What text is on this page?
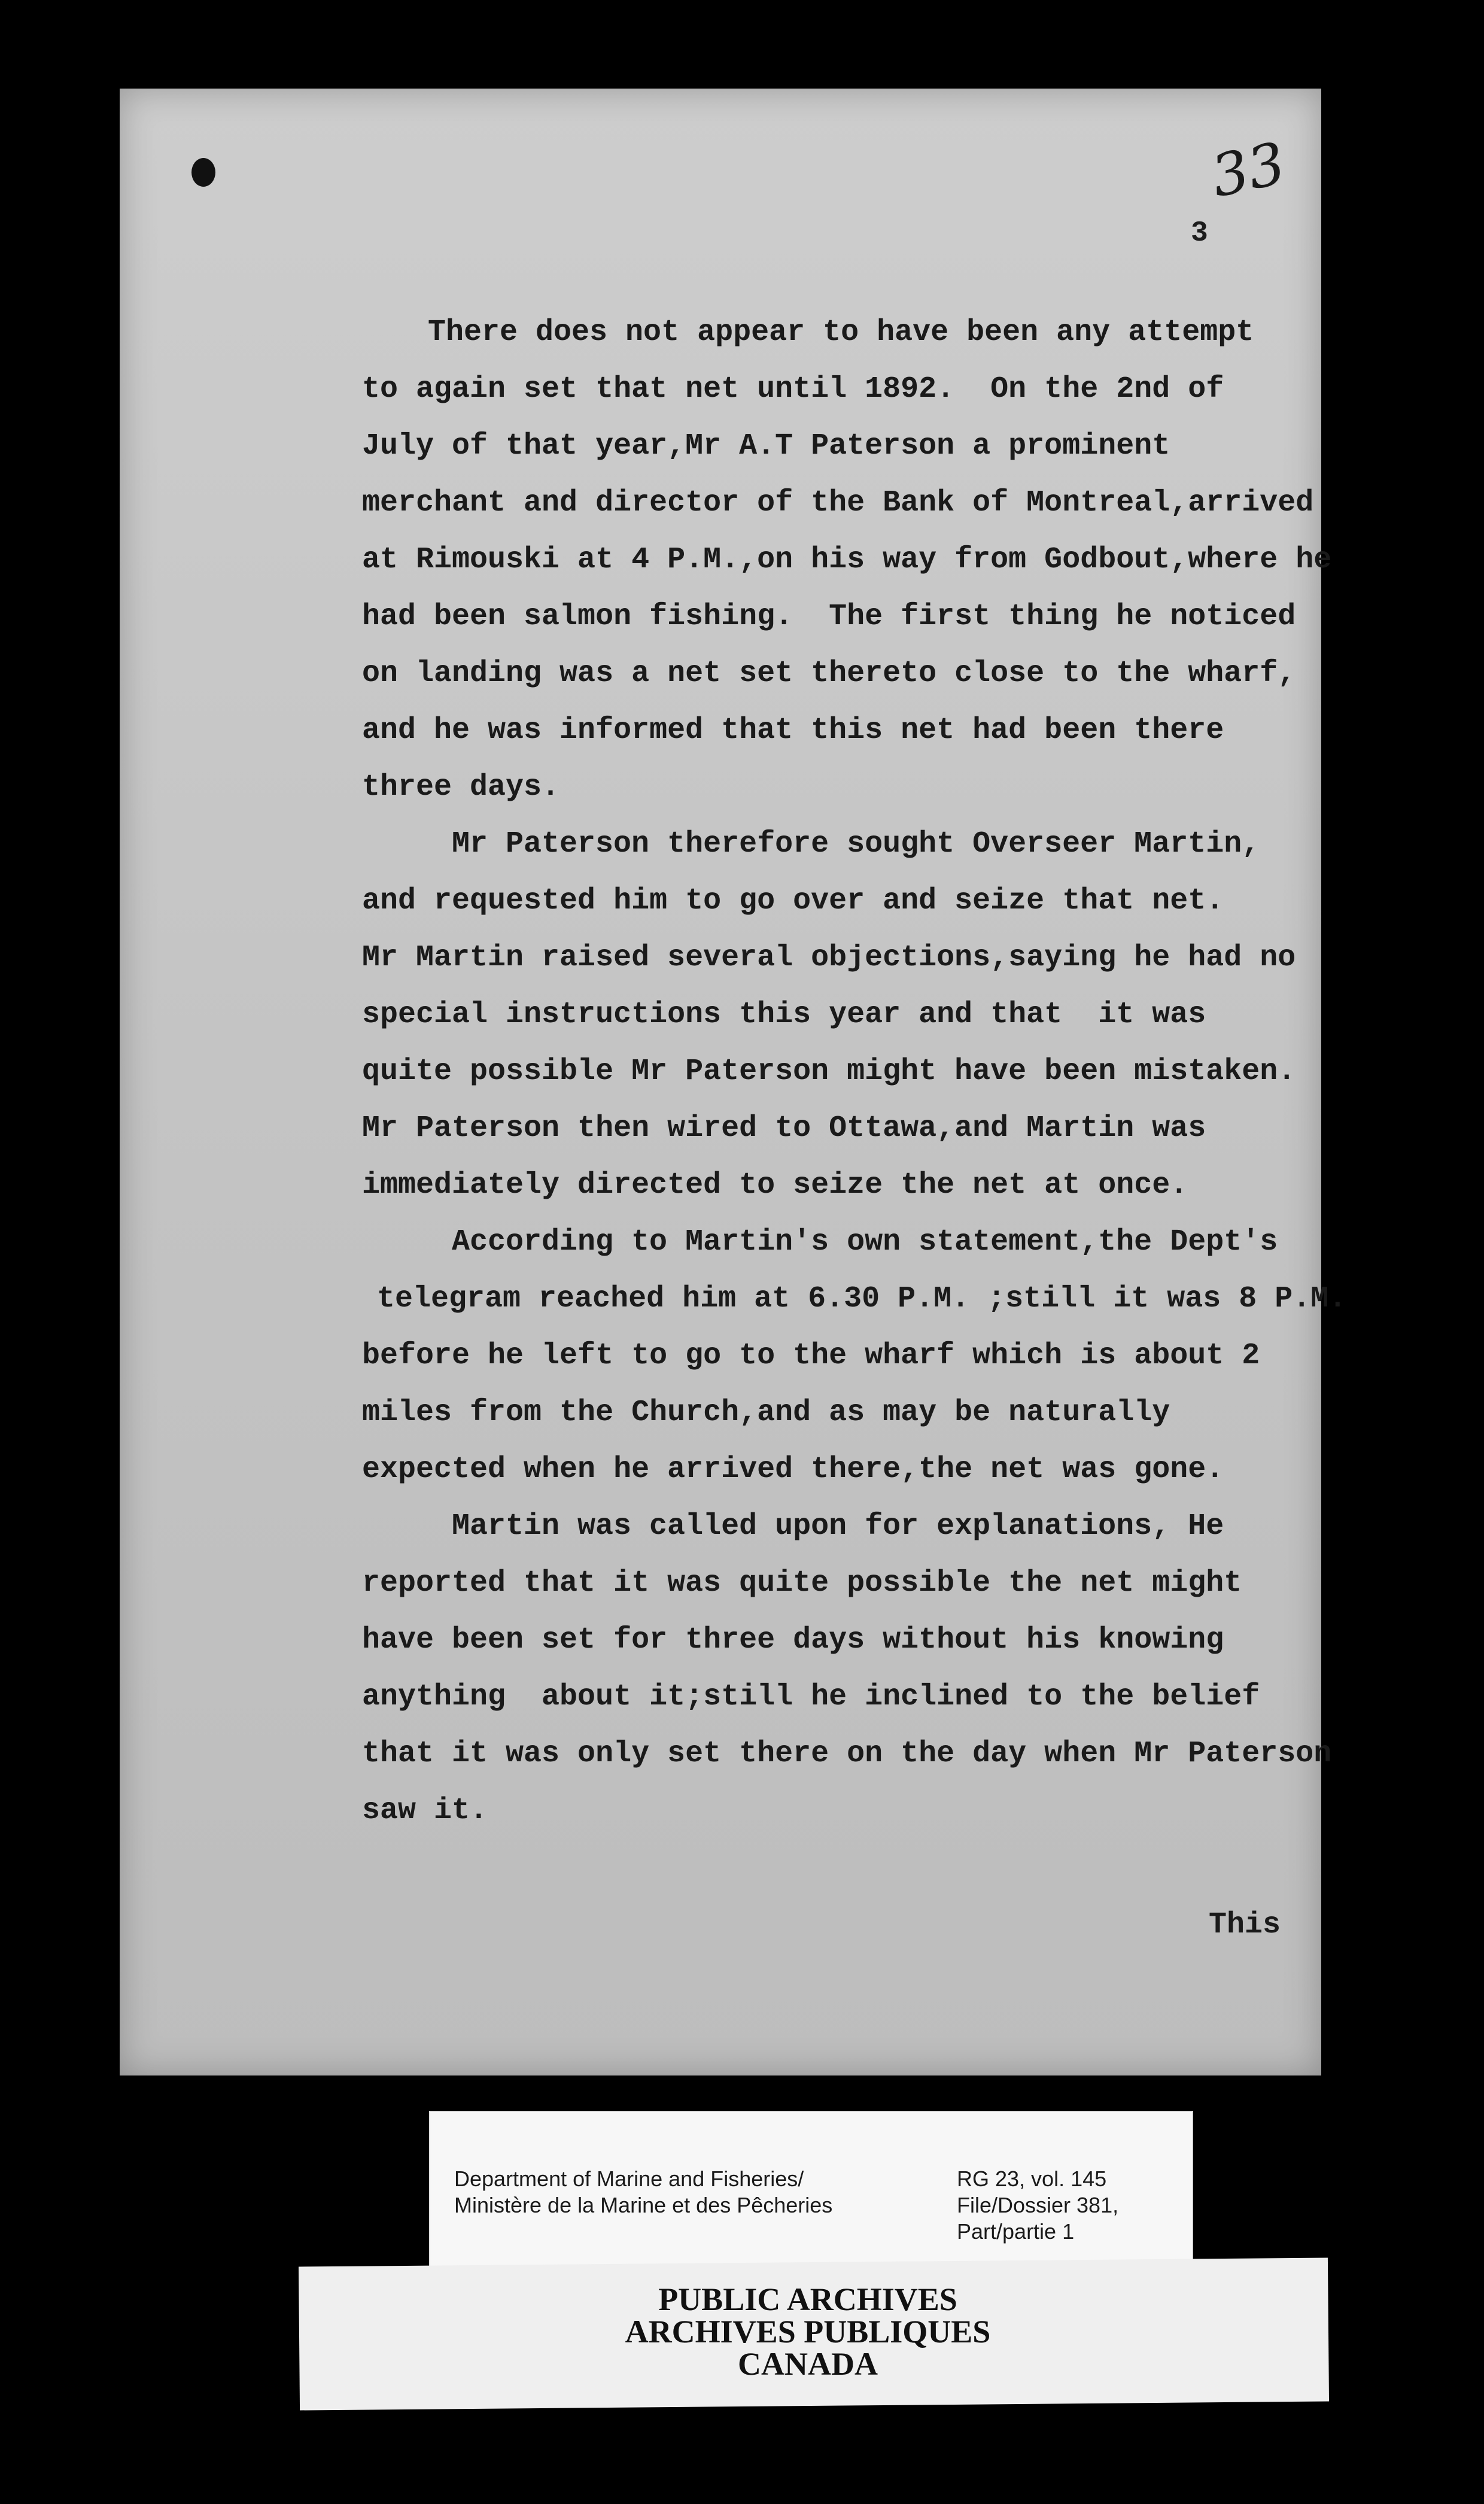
33
3
There does not appear to have been any attempt
to again set that net until 1892.  On the 2nd of
July of that year,Mr A.T Paterson a prominent
merchant and director of the Bank of Montreal,arrived
at Rimouski at 4 P.M.,on his way from Godbout,where he
had been salmon fishing.  The first thing he noticed
on landing was a net set thereto close to the wharf,
and he was informed that this net had been there
three days.
Mr Paterson therefore sought Overseer Martin,
and requested him to go over and seize that net.
Mr Martin raised several objections,saying he had no
special instructions this year and that  it was
quite possible Mr Paterson might have been mistaken.
Mr Paterson then wired to Ottawa,and Martin was
immediately directed to seize the net at once.
According to Martin's own statement,the Dept's
telegram reached him at 6.30 P.M. ;still it was 8 P.M.
before he left to go to the wharf which is about 2
miles from the Church,and as may be naturally
expected when he arrived there,the net was gone.
Martin was called upon for explanations, He
reported that it was quite possible the net might
have been set for three days without his knowing
anything  about it;still he inclined to the belief
that it was only set there on the day when Mr Paterson
saw it.
This
Department of Marine and Fisheries/
Ministère de la Marine et des Pêcheries
RG 23, vol. 145
File/Dossier 381,
Part/partie 1
PUBLIC ARCHIVES
ARCHIVES PUBLIQUES
CANADA
